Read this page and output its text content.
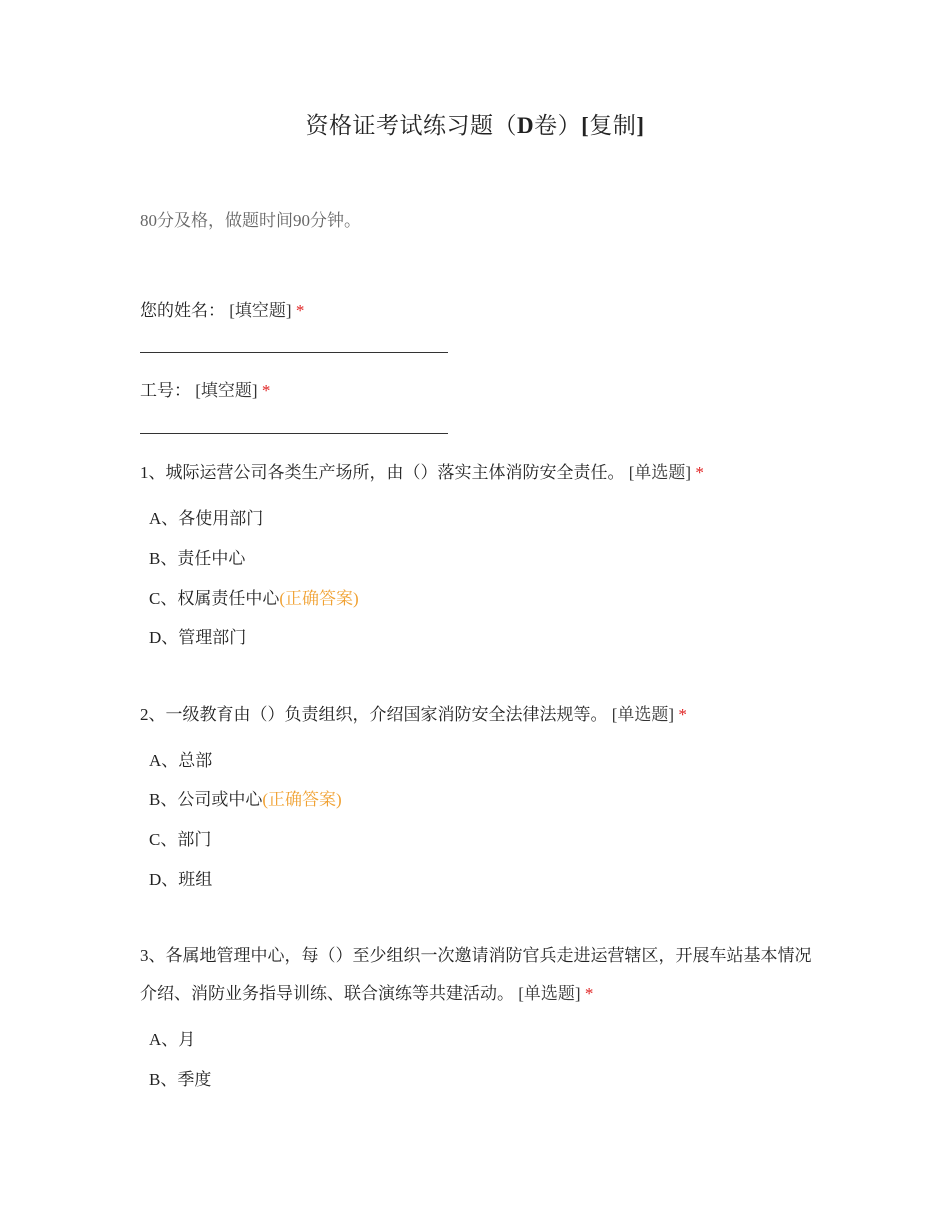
资格证考试练习题（D卷）[复制]
80分及格，做题时间90分钟。
您的姓名： [填空题] *
工号： [填空题] *
1、城际运营公司各类生产场所，由（）落实主体消防安全责任。 [单选题] *
A、各使用部门
B、责任中心
C、权属责任中心(正确答案)
D、管理部门
2、一级教育由（）负责组织，介绍国家消防安全法律法规等。 [单选题] *
A、总部
B、公司或中心(正确答案)
C、部门
D、班组
3、各属地管理中心，每（）至少组织一次邀请消防官兵走进运营辖区，开展车站基本情况介绍、消防业务指导训练、联合演练等共建活动。 [单选题] *
A、月
B、季度
